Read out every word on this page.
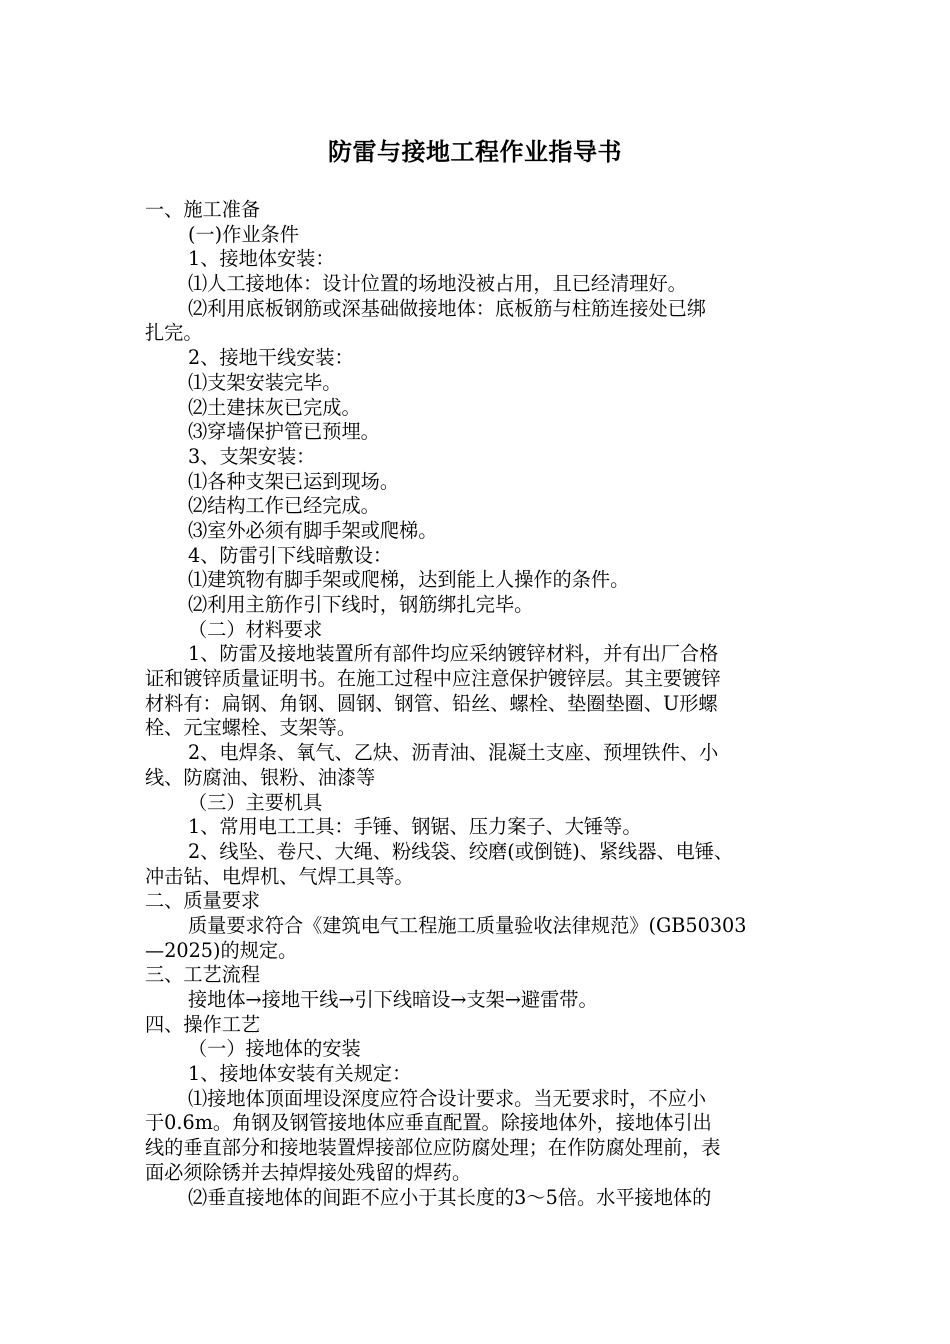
防雷与接地工程作业指导书
一、施工准备
(一)作业条件
1、接地体安装：
⑴人工接地体：设计位置的场地没被占用，且已经清理好。
⑵利用底板钢筋或深基础做接地体：底板筋与柱筋连接处已绑
扎完。
2、接地干线安装：
⑴支架安装完毕。
⑵土建抹灰已完成。
⑶穿墙保护管已预埋。
3、支架安装：
⑴各种支架已运到现场。
⑵结构工作已经完成。
⑶室外必须有脚手架或爬梯。
4、防雷引下线暗敷设：
⑴建筑物有脚手架或爬梯，达到能上人操作的条件。
⑵利用主筋作引下线时，钢筋绑扎完毕。
（二）材料要求
1、防雷及接地装置所有部件均应采纳镀锌材料，并有出厂合格
证和镀锌质量证明书。在施工过程中应注意保护镀锌层。其主要镀锌
材料有：扁钢、角钢、圆钢、钢管、铅丝、螺栓、垫圈垫圈、U形螺
栓、元宝螺栓、支架等。
2、电焊条、氧气、乙炔、沥青油、混凝土支座、预埋铁件、小
线、防腐油、银粉、油漆等
（三）主要机具
1、常用电工工具：手锤、钢锯、压力案子、大锤等。
2、线坠、卷尺、大绳、粉线袋、绞磨(或倒链)、紧线器、电锤、
冲击钻、电焊机、气焊工具等。
二、质量要求
质量要求符合《建筑电气工程施工质量验收法律规范》(GB50303
—2025)的规定。
三、工艺流程
接地体→接地干线→引下线暗设→支架→避雷带。
四、操作工艺
（一）接地体的安装
1、接地体安装有关规定：
⑴接地体顶面埋设深度应符合设计要求。当无要求时，不应小
于0.6m。角钢及钢管接地体应垂直配置。除接地体外，接地体引出
线的垂直部分和接地装置焊接部位应防腐处理；在作防腐处理前，表
面必须除锈并去掉焊接处残留的焊药。
⑵垂直接地体的间距不应小于其长度的3～5倍。水平接地体的
